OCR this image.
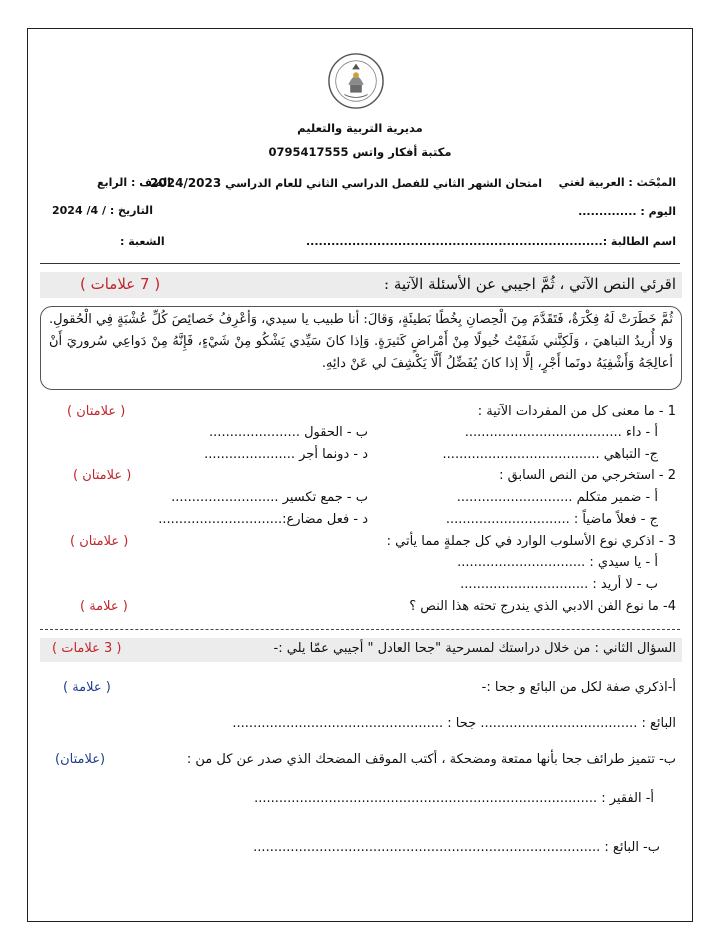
مديرية التربية والتعليم
مكتبة أفكار واتس 0795417555
المبْحَث : العربية لغتي
امتحان الشهر الثاني للفصل الدراسي الثاني للعام الدراسي 2024/2023
الصف : الرابع
اليوم : ..............
التاريخ : / 4/ 2024
اسم الطالبة :.......................................................................
الشعبة :
اقرئي النص الآتي ، ثُمَّ اجيبي عن الأسئلة الآتية :
( 7 علامات )
ثُمَّ خَطَرَتْ لَهُ فِكْرَةٌ، فَتَقَدَّمَ مِنَ الْحِصانِ بِخُطًا بَطيئَةٍ، وَقالَ: أنا طبيب يا سيدي، وَأعْرِفُ خَصائِصَ كُلِّ عُشْبَةٍ فِي الْحُقولِ. وَلا أُريدُ التباهيَ ، وَلَكِنَّني شَفَيْتُ خُيولًا مِنْ أَمْراضٍ كَثيرَةٍ. وَإذا كانَ سَيِّدي يَشْكُو مِنْ شَيْءٍ، فَإِنَّهُ مِنْ دَواعِي سُروريَ أَنْ أعالِجَهُ وَأَشْفِيَهُ دونَما أَجْرٍ، إلَّا إذا كانَ يُفَضِّلُ أَلَّا يَكْشِفَ لي عَنْ دائِهِ.
1 - ما معنى كل من المفردات الآتية :
( علامتان )
أ - داء ......................................
ب - الحقول ......................
ج- التباهي ......................................
د - دونما أجر ......................
2 - استخرجي من النص السابق :
( علامتان )
أ - ضمير متكلم ............................
ب - جمع تكسير ..........................
ج - فعلاً ماضياً : ..............................
د - فعل مضارع:..............................
3 - اذكري نوع الأسلوب الوارد في كل جملةٍ مما يأتي :
( علامتان )
أ - يا سيدي : ...............................
ب - لا أريد : ...............................
4- ما نوع الفن الادبي الذي يندرج تحته هذا النص ؟
( علامة )
السؤال الثاني : من خلال دراستك لمسرحية "جحا العادل " أجيبي عمّا يلي :-
( 3 علامات )
أ-اذكري صفة لكل من البائع و جحا :-
( علامة )
البائع : ...................................... جحا : ...................................................
ب- تتميز طرائف جحا بأنها ممتعة ومضحكة ، أكتب الموقف المضحك الذي صدر عن كل من :
(علامتان)
أ- الفقير : ...................................................................................
ب- البائع : ....................................................................................
